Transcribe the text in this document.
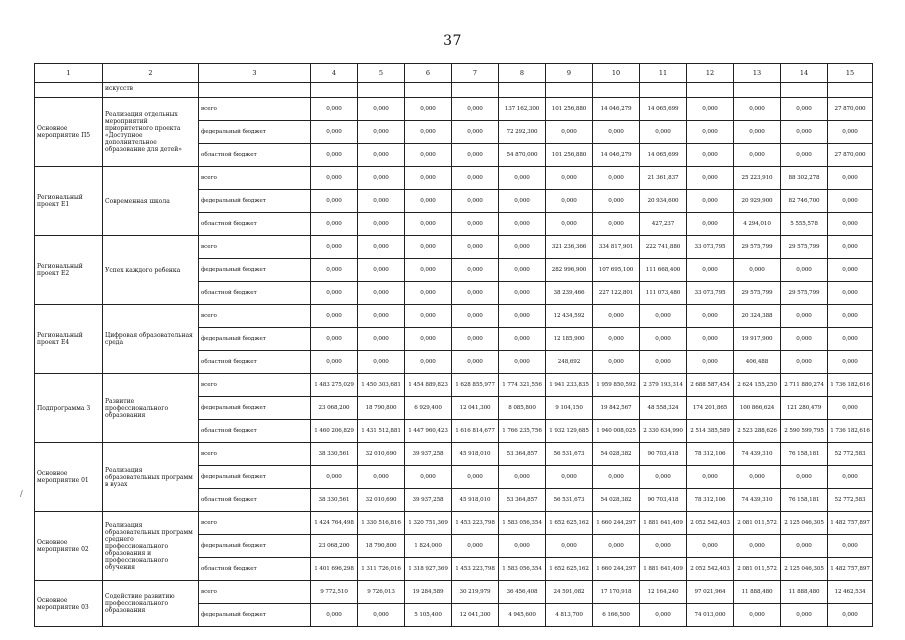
37
/
1	2	3	4	5	6	7	8	9	10	11	12	13	14	15
	искусств													
Основное мероприятие П5	Реализация отдельных мероприятий приоритетного проекта «Доступное дополнительное образование для детей»	всего	0,000	0,000	0,000	0,000	137 162,300	101 256,880	14 046,279	14 065,699	0,000	0,000	0,000	27 870,000
		федеральный бюджет	0,000	0,000	0,000	0,000	72 292,300	0,000	0,000	0,000	0,000	0,000	0,000	0,000
		областной бюджет	0,000	0,000	0,000	0,000	54 870,000	101 256,880	14 046,279	14 065,699	0,000	0,000	0,000	27 870,000
Региональный проект Е1	Современная школа	всего	0,000	0,000	0,000	0,000	0,000	0,000	0,000	21 361,837	0,000	25 223,910	88 302,278	0,000
		федеральный бюджет	0,000	0,000	0,000	0,000	0,000	0,000	0,000	20 934,600	0,000	20 929,900	82 746,700	0,000
		областной бюджет	0,000	0,000	0,000	0,000	0,000	0,000	0,000	427,237	0,000	4 294,010	5 555,578	0,000
Региональный проект Е2	Успех каждого ребенка	всего	0,000	0,000	0,000	0,000	0,000	321 236,366	334 817,901	222 741,880	33 073,795	29 575,799	29 575,799	0,000
		федеральный бюджет	0,000	0,000	0,000	0,000	0,000	282 996,900	107 695,100	111 668,400	0,000	0,000	0,000	0,000
		областной бюджет	0,000	0,000	0,000	0,000	0,000	38 239,466	227 122,801	111 073,480	33 073,795	29 575,799	29 575,799	0,000
Региональный проект Е4	Цифровая образовательная среда	всего	0,000	0,000	0,000	0,000	0,000	12 434,592	0,000	0,000	0,000	20 324,388	0,000	0,000
		федеральный бюджет	0,000	0,000	0,000	0,000	0,000	12 185,900	0,000	0,000	0,000	19 917,900	0,000	0,000
		областной бюджет	0,000	0,000	0,000	0,000	0,000	248,692	0,000	0,000	0,000	406,488	0,000	0,000
Подпрограмма 3	Развитие профессионального образования	всего	1 483 275,029	1 450 303,681	1 454 889,823	1 628 855,977	1 774 321,556	1 941 233,835	1 959 850,592	2 379 193,314	2 688 587,454	2 624 155,250	2 711 880,274	1 736 182,616
		федеральный бюджет	23 068,200	18 790,800	6 929,400	12 041,300	8 085,800	9 104,150	19 842,567	48 558,324	174 201,865	100 866,624	121 280,479	0,000
		областной бюджет	1 460 206,829	1 431 512,881	1 447 960,423	1 616 814,677	1 766 235,756	1 932 129,685	1 940 008,025	2 330 634,990	2 514 385,589	2 523 288,626	2 590 599,795	1 736 182,616
Основное мероприятие 01	Реализация образовательных программ в вузах	всего	38 330,561	32 010,690	39 937,258	45 918,010	53 364,857	56 531,673	54 028,382	90 703,418	78 312,106	74 439,310	76 158,181	52 772,583
		федеральный бюджет	0,000	0,000	0,000	0,000	0,000	0,000	0,000	0,000	0,000	0,000	0,000	0,000
		областной бюджет	38 330,561	32 010,690	39 937,258	45 918,010	53 364,857	56 531,673	54 028,382	90 703,418	78 312,106	74 439,310	76 158,181	52 772,583
Основное мероприятие 02	Реализация образовательных программ среднего профессионального образования и профессионального обучения	всего	1 424 764,498	1 330 516,816	1 320 751,369	1 453 223,798	1 583 056,354	1 652 625,162	1 660 244,297	1 881 641,409	2 052 542,403	2 081 011,572	2 125 046,305	1 482 757,897
		федеральный бюджет	23 068,200	18 790,800	1 824,000	0,000	0,000	0,000	0,000	0,000	0,000	0,000	0,000	0,000
		областной бюджет	1 401 696,298	1 311 726,016	1 318 927,369	1 453 223,798	1 583 056,354	1 652 625,162	1 660 244,297	1 881 641,409	2 052 542,403	2 081 011,572	2 125 046,305	1 482 757,897
Основное мероприятие 03	Содействие развитию профессионального образования	всего	9 772,510	9 726,013	19 284,589	30 219,979	36 456,408	24 591,082	17 170,918	12 164,240	97 021,964	11 888,480	11 888,480	12 462,534
		федеральный бюджет	0,000	0,000	5 105,400	12 041,300	4 945,600	4 813,700	6 166,500	0,000	74 013,000	0,000	0,000	0,000
